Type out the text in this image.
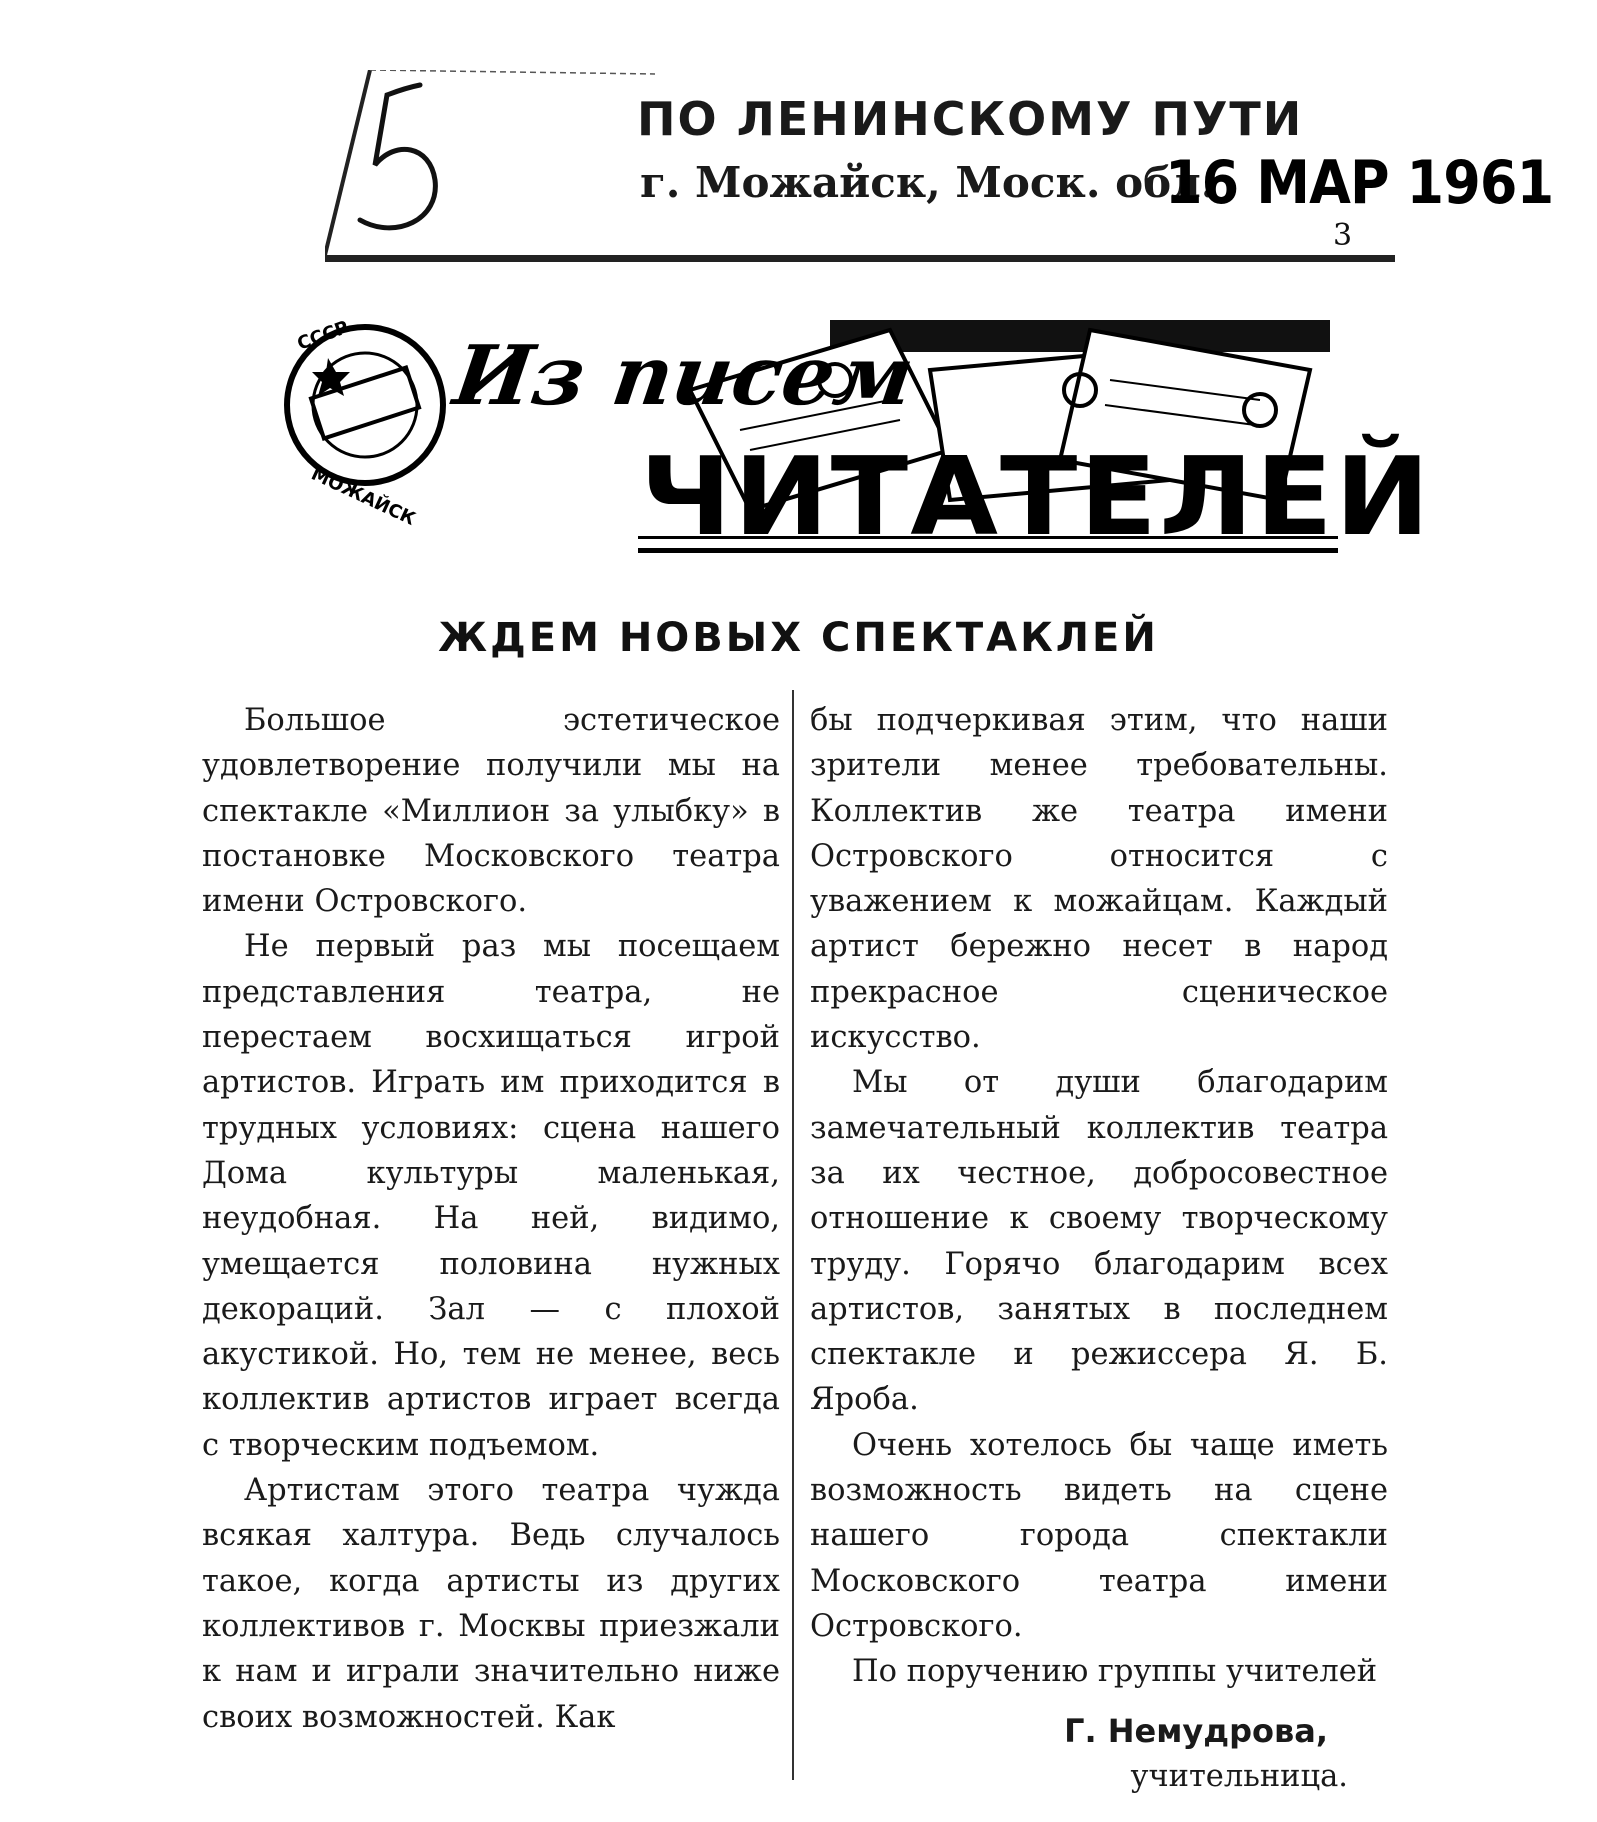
ПО ЛЕНИНСКОМУ ПУТИ
г. Можайск, Моск. обл.
16 МАР 1961
3
СССР
МОЖАЙСК
Из писем
ЧИТАТЕЛЕЙ
ЖДЕМ НОВЫХ СПЕКТАКЛЕЙ

Большое эстетическое удовлетворение получили мы на спектакле «Миллион за улыбку» в постановке Московского театра имени Островского.

Не первый раз мы посещаем представления театра, не перестаем восхищаться игрой артистов. Играть им приходится в трудных условиях: сцена нашего Дома культуры маленькая, неудобная. На ней, видимо, умещается половина нужных декораций. Зал — с плохой акустикой. Но, тем не менее, весь коллектив артистов играет всегда с творческим подъемом.

Артистам этого театра чужда всякая халтура. Ведь случалось такое, когда артисты из других коллективов г. Москвы приезжали к нам и играли значительно ниже своих возможностей. Как

бы подчеркивая этим, что наши зрители менее требовательны. Коллектив же театра имени Островского относится с уважением к можайцам. Каждый артист бережно несет в народ прекрасное сценическое искусство.

Мы от души благодарим замечательный коллектив театра за их честное, добросовестное отношение к своему творческому труду. Горячо благодарим всех артистов, занятых в последнем спектакле и режиссера Я. Б. Яроба.

Очень хотелось бы чаще иметь возможность видеть на сцене нашего города спектакли Московского театра имени Островского.

По поручению группы учителей

Г. Немудрова,
учительница.
